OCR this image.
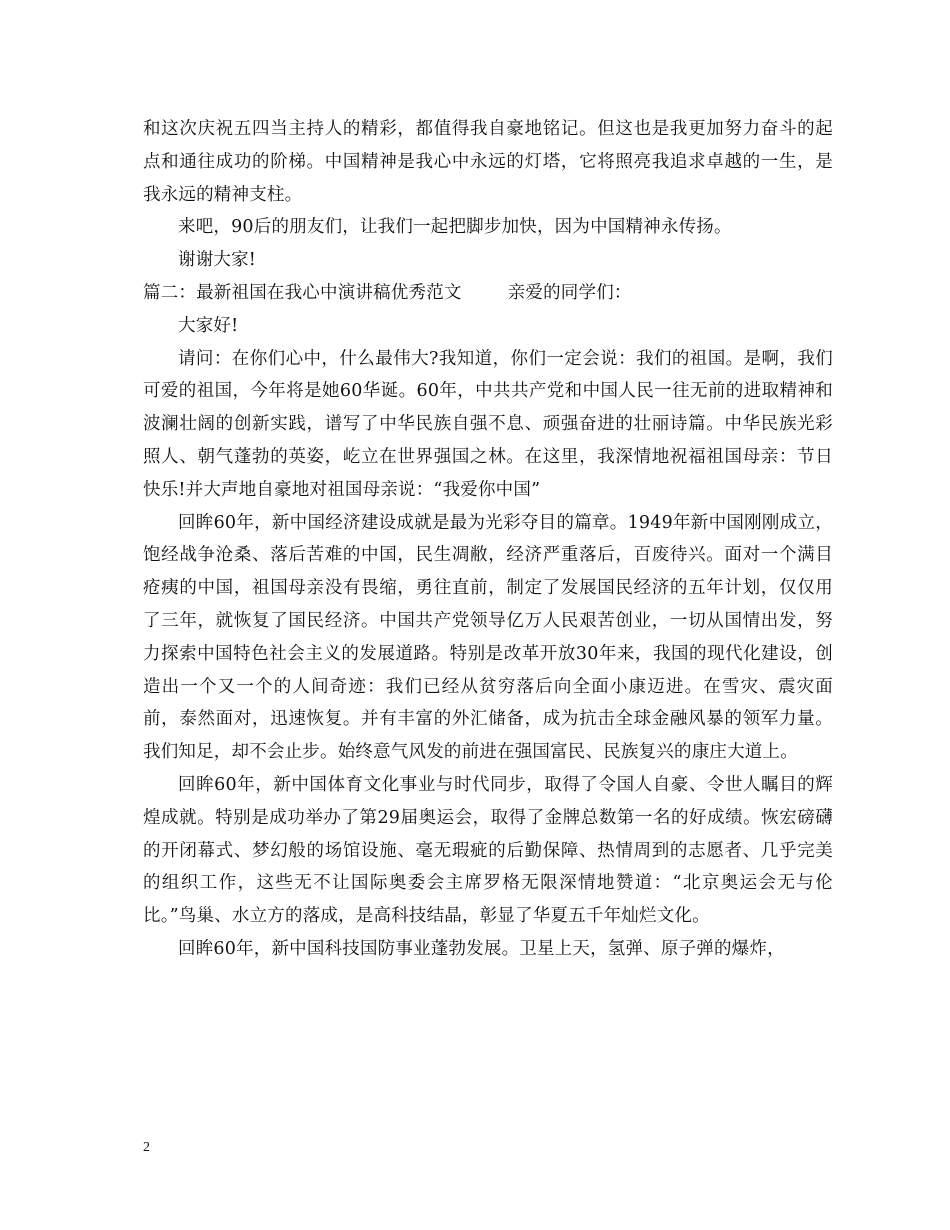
和这次庆祝五四当主持人的精彩，都值得我自豪地铭记。但这也是我更加努力奋斗的起点和通往成功的阶梯。中国精神是我心中永远的灯塔，它将照亮我追求卓越的一生，是我永远的精神支柱。

来吧，90后的朋友们，让我们一起把脚步加快，因为中国精神永传扬。

谢谢大家!

篇二：最新祖国在我心中演讲稿优秀范文        亲爱的同学们：

大家好!

请问：在你们心中，什么最伟大?我知道，你们一定会说：我们的祖国。是啊，我们可爱的祖国，今年将是她60华诞。60年，中共共产党和中国人民一往无前的进取精神和波澜壮阔的创新实践，谱写了中华民族自强不息、顽强奋进的壮丽诗篇。中华民族光彩照人、朝气蓬勃的英姿，屹立在世界强国之林。在这里，我深情地祝福祖国母亲：节日快乐!并大声地自豪地对祖国母亲说：“我爱你中国”

回眸60年，新中国经济建设成就是最为光彩夺目的篇章。1949年新中国刚刚成立，饱经战争沧桑、落后苦难的中国，民生凋敝，经济严重落后，百废待兴。面对一个满目疮痍的中国，祖国母亲没有畏缩，勇往直前，制定了发展国民经济的五年计划，仅仅用了三年，就恢复了国民经济。中国共产党领导亿万人民艰苦创业，一切从国情出发，努力探索中国特色社会主义的发展道路。特别是改革开放30年来，我国的现代化建设，创造出一个又一个的人间奇迹：我们已经从贫穷落后向全面小康迈进。在雪灾、震灾面前，泰然面对，迅速恢复。并有丰富的外汇储备，成为抗击全球金融风暴的领军力量。我们知足，却不会止步。始终意气风发的前进在强国富民、民族复兴的康庄大道上。

回眸60年，新中国体育文化事业与时代同步，取得了令国人自豪、令世人瞩目的辉煌成就。特别是成功举办了第29届奥运会，取得了金牌总数第一名的好成绩。恢宏磅礴的开闭幕式、梦幻般的场馆设施、毫无瑕疵的后勤保障、热情周到的志愿者、几乎完美的组织工作，这些无不让国际奥委会主席罗格无限深情地赞道：“北京奥运会无与伦比。”鸟巢、水立方的落成，是高科技结晶，彰显了华夏五千年灿烂文化。

回眸60年，新中国科技国防事业蓬勃发展。卫星上天，氢弹、原子弹的爆炸，

2
